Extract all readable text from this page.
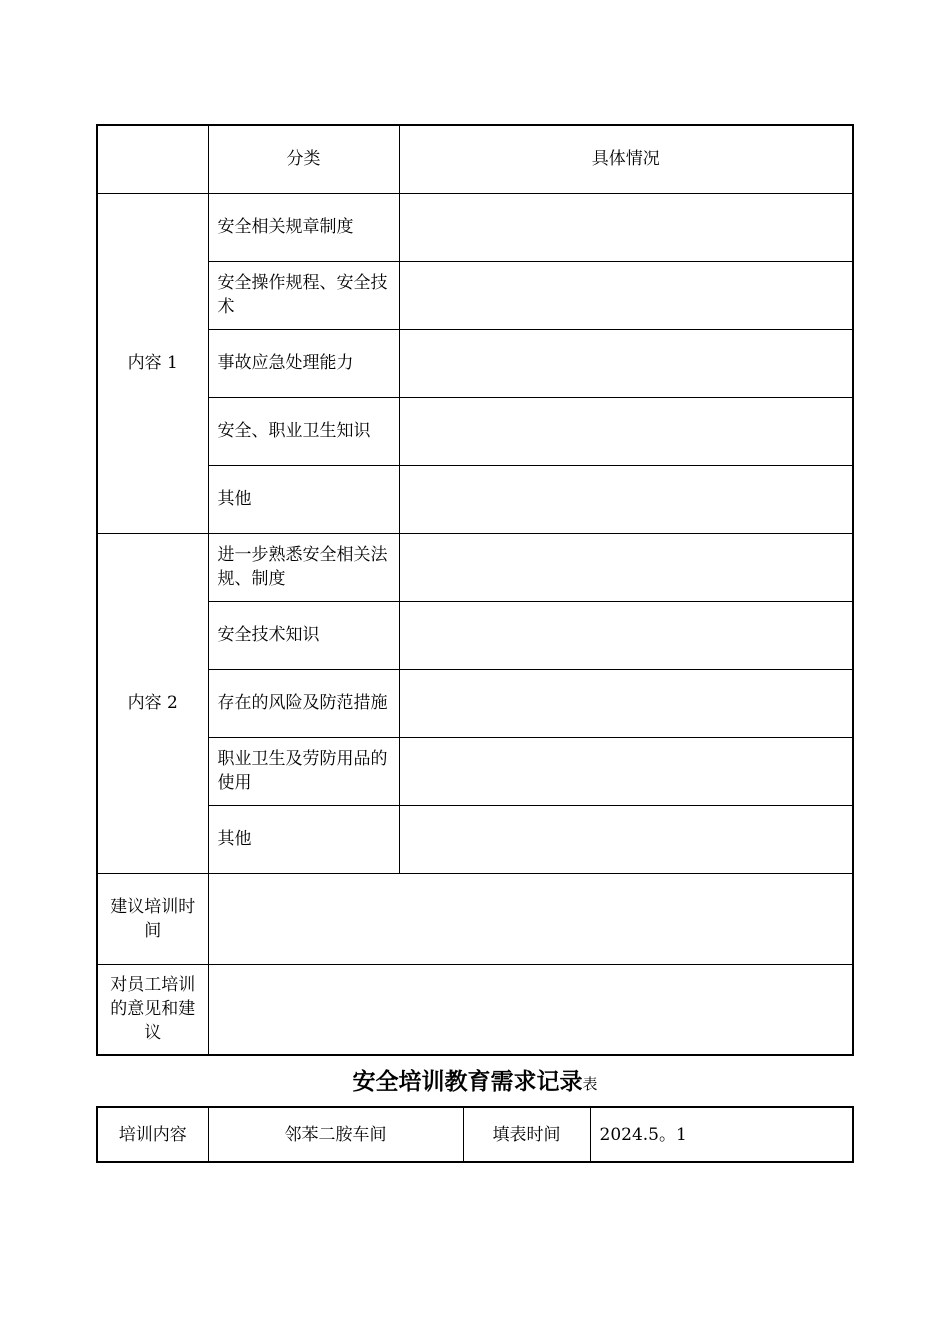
	分类	具体情况
内容 1	安全相关规章制度	
	安全操作规程、安全技术	
	事故应急处理能力	
	安全、职业卫生知识	
	其他	
内容 2	进一步熟悉安全相关法规、制度	
	安全技术知识	
	存在的风险及防范措施	
	职业卫生及劳防用品的使用	
	其他	
建议培训时间		
对员工培训的意见和建议		
安全培训教育需求记录表
培训内容	邻苯二胺车间	填表时间	2024.5。1
